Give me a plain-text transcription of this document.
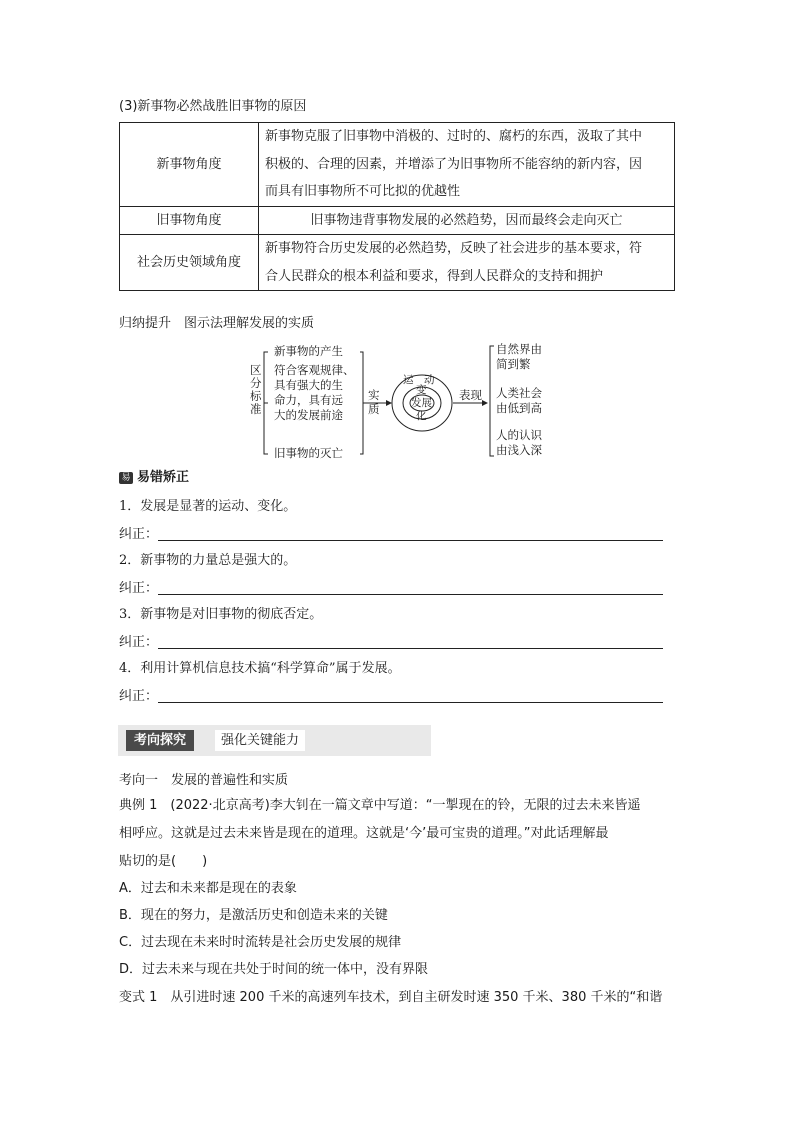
(3)新事物必然战胜旧事物的原因
新事物角度	新事物克服了旧事物中消极的、过时的、腐朽的东西，汲取了其中
积极的、合理的因素，并增添了为旧事物所不能容纳的新内容，因
而具有旧事物所不可比拟的优越性

旧事物角度	旧事物违背事物发展的必然趋势，因而最终会走向灭亡

社会历史领域角度	新事物符合历史发展的必然趋势，反映了社会进步的基本要求，符
合人民群众的根本利益和要求，得到人民群众的支持和拥护
归纳提升　图示法理解发展的实质
区
分
标
准
新事物的产生
符合客观规律、
具有强大的生
命力，具有远
大的发展前途
旧事物的灭亡
实
质
运　动
变
发展
化
表现
自然界由
简到繁
人类社会
由低到高
人的认识
由浅入深
易 易错矫正
1．发展是显著的运动、变化。
纠正：
2．新事物的力量总是强大的。
纠正：
3．新事物是对旧事物的彻底否定。
纠正：
4．利用计算机信息技术搞“科学算命”属于发展。
纠正：
考向探究	强化关键能力
考向一　发展的普遍性和实质
典例 1　(2022·北京高考)李大钊在一篇文章中写道：“一掣现在的铃，无限的过去未来皆遥
相呼应。这就是过去未来皆是现在的道理。这就是‘今’最可宝贵的道理。”对此话理解最
贴切的是(　　)
A．过去和未来都是现在的表象
B．现在的努力，是激活历史和创造未来的关键
C．过去现在未来时时流转是社会历史发展的规律
D．过去未来与现在共处于时间的统一体中，没有界限
变式 1　从引进时速 200 千米的高速列车技术，到自主研发时速 350 千米、380 千米的“和谐
